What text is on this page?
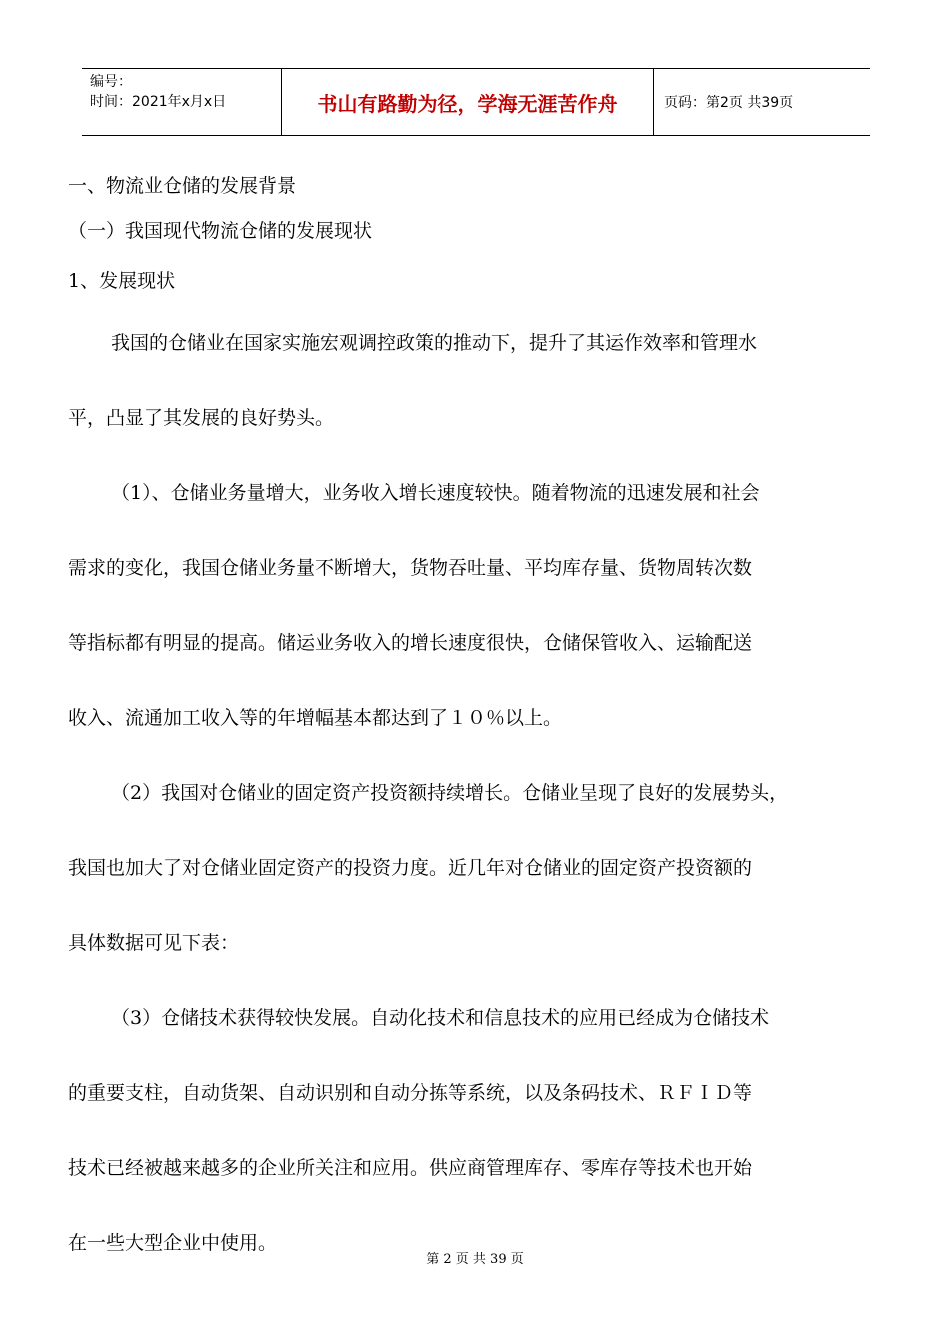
编号：
时间：2021年x月x日	书山有路勤为径，学海无涯苦作舟	页码：第2页 共39页
一、物流业仓储的发展背景
（一）我国现代物流仓储的发展现状
1、发展现状
我国的仓储业在国家实施宏观调控政策的推动下，提升了其运作效率和管理水
平，凸显了其发展的良好势头。
（1）、仓储业务量增大，业务收入增长速度较快。随着物流的迅速发展和社会
需求的变化，我国仓储业务量不断增大，货物吞吐量、平均库存量、货物周转次数
等指标都有明显的提高。储运业务收入的增长速度很快，仓储保管收入、运输配送
收入、流通加工收入等的年增幅基本都达到了１０％以上。
（2）我国对仓储业的固定资产投资额持续增长。仓储业呈现了良好的发展势头，
我国也加大了对仓储业固定资产的投资力度。近几年对仓储业的固定资产投资额的
具体数据可见下表：
（3）仓储技术获得较快发展。自动化技术和信息技术的应用已经成为仓储技术
的重要支柱，自动货架、自动识别和自动分拣等系统，以及条码技术、ＲＦＩＤ等
技术已经被越来越多的企业所关注和应用。供应商管理库存、零库存等技术也开始
在一些大型企业中使用。
第 2 页 共 39 页
